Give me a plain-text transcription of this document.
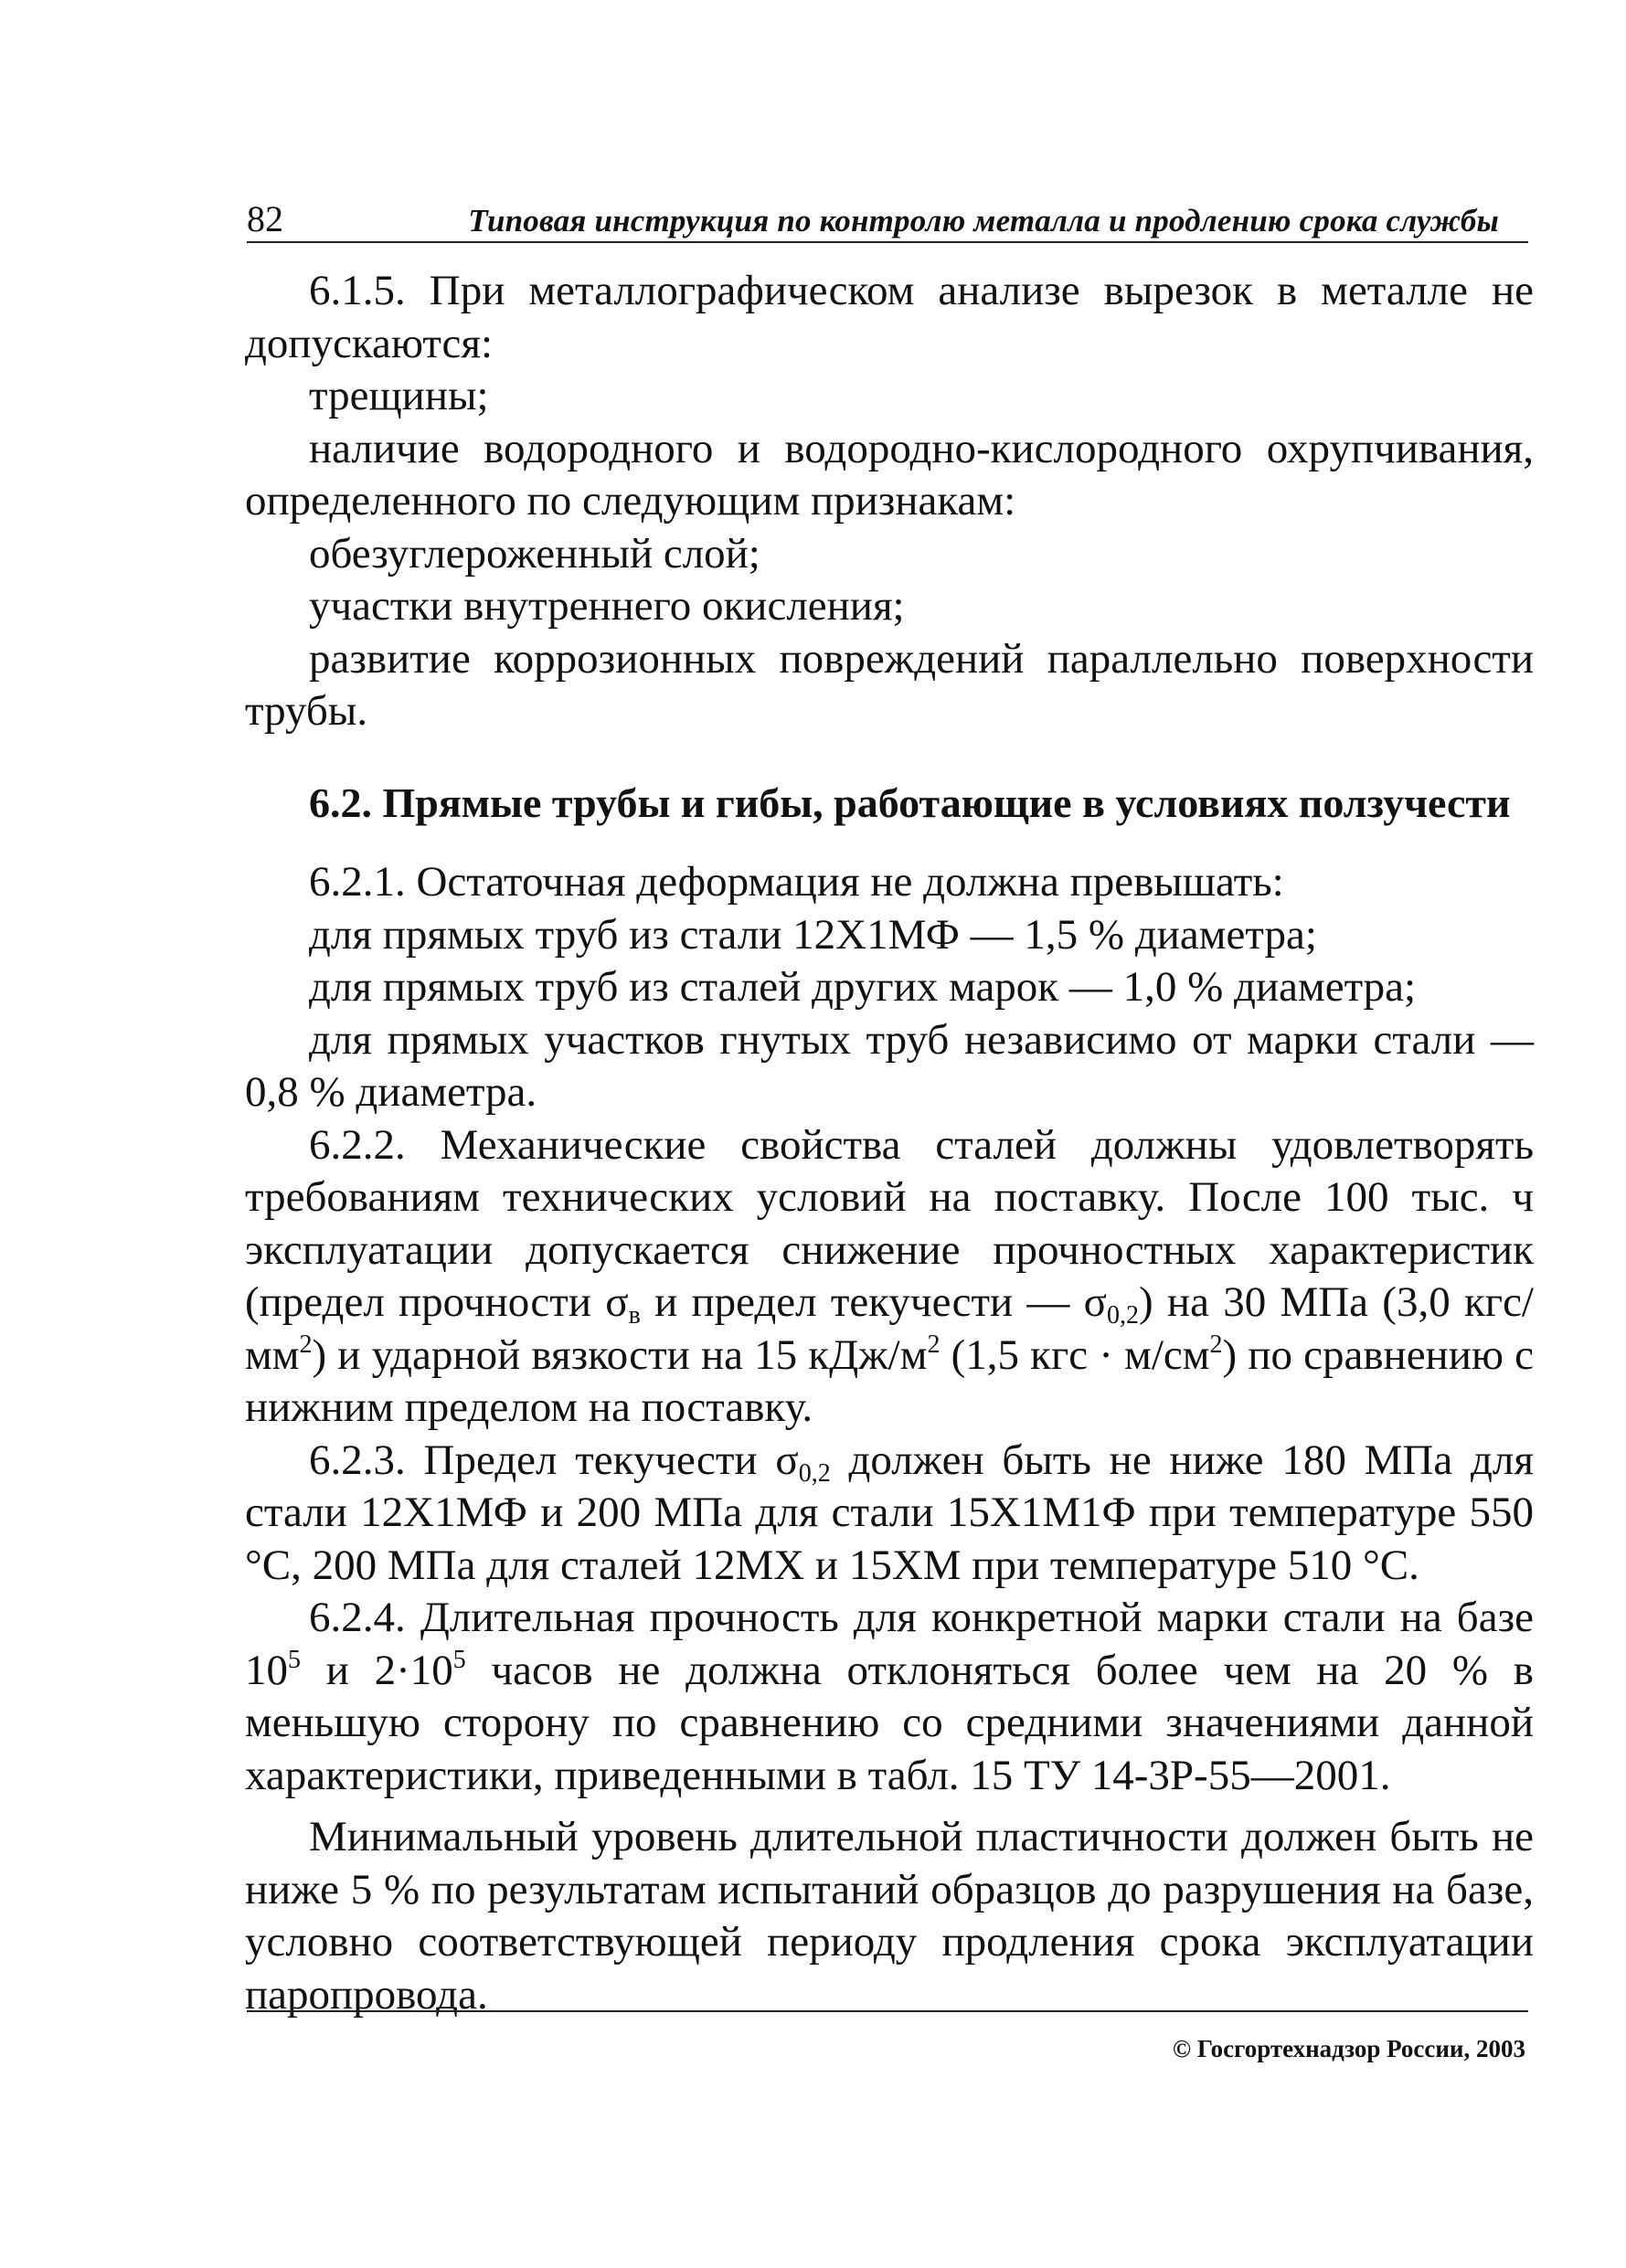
82	Типовая инструкция по контролю металла и продлению срока службы

6.1.5. При металлографическом анализе вырезок в металле не допускаются:

трещины;

наличие водородного и водородно-кислородного охрупчивания, определенного по следующим признакам:

обезуглероженный слой;

участки внутреннего окисления;

развитие коррозионных повреждений параллельно поверхности трубы.

6.2. Прямые трубы и гибы, работающие в условиях ползучести

6.2.1. Остаточная деформация не должна превышать:

для прямых труб из стали 12Х1МФ — 1,5 % диаметра;

для прямых труб из сталей других марок — 1,0 % диаметра;

для прямых участков гнутых труб независимо от марки стали — 0,8 % диаметра.

6.2.2. Механические свойства сталей должны удовлетворять требованиям технических условий на поставку. После 100 тыс. ч эксплуатации допускается снижение прочностных характеристик (предел прочности $\sigma_в$ и предел текучести — $\sigma_{0,2}$) на 30 МПа (3,0 кгс/$мм^2$) и ударной вязкости на 15 кДж/$м^2$ (1,5 кгс · $м/см^2$) по сравнению с нижним пределом на поставку.

6.2.3. Предел текучести $\sigma_{0,2}$ должен быть не ниже 180 МПа для стали 12Х1МФ и 200 МПа для стали 15Х1М1Ф при температуре 550 °С, 200 МПа для сталей 12МХ и 15ХМ при температуре 510 °С.

6.2.4. Длительная прочность для конкретной марки стали на базе $10^5$ и $2\cdot 10^5$ часов не должна отклоняться более чем на 20 % в меньшую сторону по сравнению со средними значениями данной характеристики, приведенными в табл. 15 ТУ 14-3Р-55—2001.

Минимальный уровень длительной пластичности должен быть не ниже 5 % по результатам испытаний образцов до разрушения на базе, условно соответствующей периоду продления срока эксплуатации паропровода.

© Госгортехнадзор России, 2003
